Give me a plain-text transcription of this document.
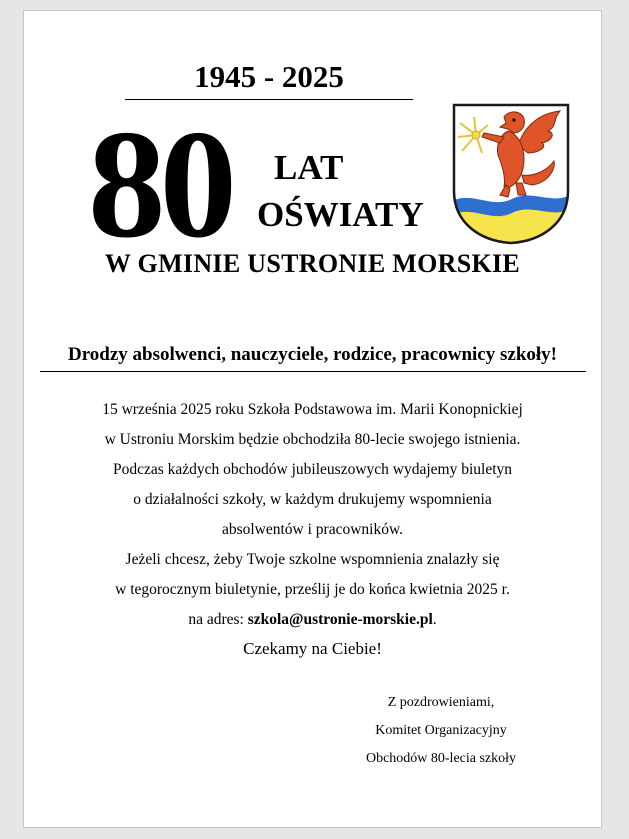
1945 - 2025
80 LAT
OŚWIATY
W GMINIE USTRONIE MORSKIE
Drodzy absolwenci, nauczyciele, rodzice, pracownicy szkoły!
15 września 2025 roku Szkoła Podstawowa im. Marii Konopnickiej
w Ustroniu Morskim będzie obchodziła 80-lecie swojego istnienia.
Podczas każdych obchodów jubileuszowych wydajemy biuletyn
o działalności szkoły, w każdym drukujemy wspomnienia
absolwentów i pracowników.
Jeżeli chcesz, żeby Twoje szkolne wspomnienia znalazły się
w tegorocznym biuletynie, prześlij je do końca kwietnia 2025 r.
na adres: szkola@ustronie-morskie.pl.
Czekamy na Ciebie!
Z pozdrowieniami,
Komitet Organizacyjny
Obchodów 80-lecia szkoły
